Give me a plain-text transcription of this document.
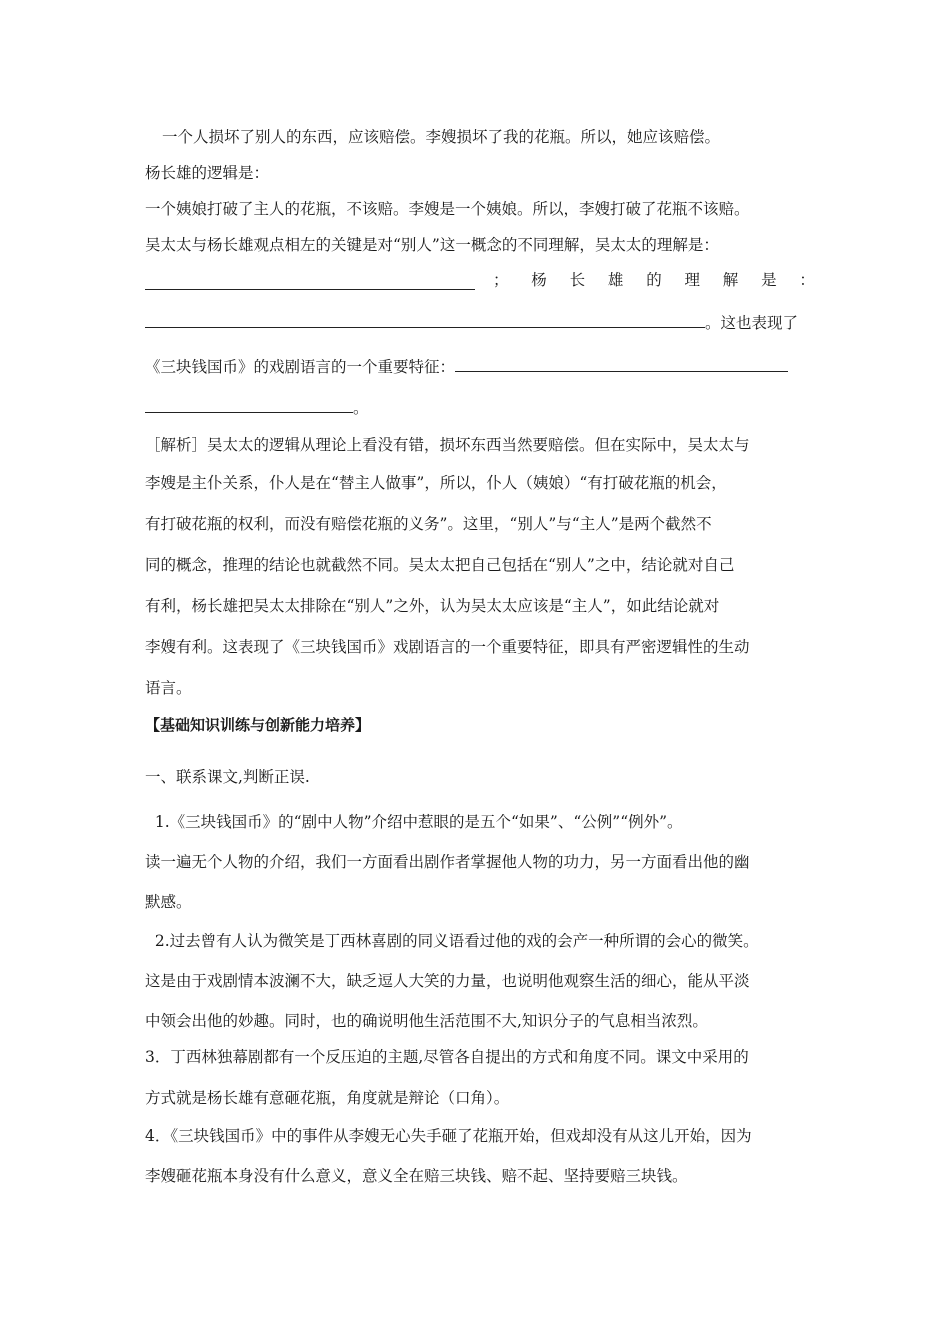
一个人损坏了别人的东西，应该赔偿。李嫂损坏了我的花瓶。所以，她应该赔偿。
杨长雄的逻辑是：
一个姨娘打破了主人的花瓶，不该赔。李嫂是一个姨娘。所以，李嫂打破了花瓶不该赔。
吴太太与杨长雄观点相左的关键是对“别人”这一概念的不同理解，吴太太的理解是：
； 杨 长 雄 的 理 解 是 ：
。这也表现了
《三块钱国币》的戏剧语言的一个重要特征：
。
［解析］吴太太的逻辑从理论上看没有错，损坏东西当然要赔偿。但在实际中，吴太太与
李嫂是主仆关系，仆人是在“替主人做事”，所以，仆人（姨娘）“有打破花瓶的机会，
有打破花瓶的权利，而没有赔偿花瓶的义务”。这里，“别人”与“主人”是两个截然不
同的概念，推理的结论也就截然不同。吴太太把自己包括在“别人”之中，结论就对自己
有利，杨长雄把吴太太排除在“别人”之外，认为吴太太应该是“主人”，如此结论就对
李嫂有利。这表现了《三块钱国币》戏剧语言的一个重要特征，即具有严密逻辑性的生动
语言。
【基础知识训练与创新能力培养】
一、联系课文,判断正误.
1.《三块钱国币》的“剧中人物”介绍中惹眼的是五个“如果”、“公例”“例外”。
读一遍无个人物的介绍，我们一方面看出剧作者掌握他人物的功力，另一方面看出他的幽
默感。
2.过去曾有人认为微笑是丁西林喜剧的同义语看过他的戏的会产一种所谓的会心的微笑。
这是由于戏剧情本波澜不大，缺乏逗人大笑的力量，也说明他观察生活的细心，能从平淡
中领会出他的妙趣。同时，也的确说明他生活范围不大,知识分子的气息相当浓烈。
3．丁西林独幕剧都有一个反压迫的主题,尽管各自提出的方式和角度不同。课文中采用的
方式就是杨长雄有意砸花瓶，角度就是辩论（口角）。
4．《三块钱国币》中的事件从李嫂无心失手砸了花瓶开始，但戏却没有从这儿开始，因为
李嫂砸花瓶本身没有什么意义，意义全在赔三块钱、赔不起、坚持要赔三块钱。
